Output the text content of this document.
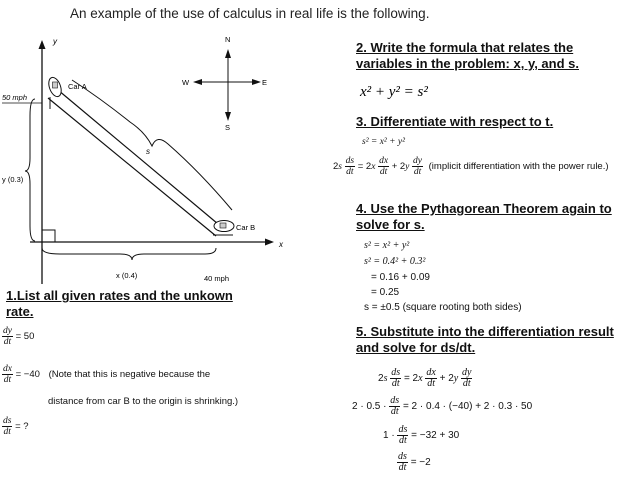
An example of the use of calculus in real life is the following.
y
x
s
y (0.3)
x (0.4)	40 mph
50 mph
Car A
Car B
N
S
W	E
1.List all given rates and the unkown rate.
$\frac{dy}{dt} = 50$
$\frac{dx}{dt} = -40$ (Note that this is negative because the
distance from car B to the origin is shrinking.)
$\frac{ds}{dt}$ = ?
2. Write the formula that relates the variables in the problem: x, y, and s.
x² + y² = s²
3. Differentiate with respect to t.
s² = x² + y²
$2s \frac{ds}{dt} = 2x \frac{dx}{dt} + 2y \frac{dy}{dt}$ (implicit differentiation with the power rule.)
4. Use the Pythagorean Theorem again to solve for s.
s² = x² + y²
s² = 0.4² + 0.3²
= 0.16 + 0.09
= 0.25
s = ±0.5 (square rooting both sides)
5. Substitute into the differentiation result and solve for ds/dt.
$2s \frac{ds}{dt} = 2x \frac{dx}{dt} + 2y \frac{dy}{dt}$
$2 \cdot 0.5 \cdot \frac{ds}{dt} = 2 \cdot 0.4 \cdot (-40) + 2 \cdot 0.3 \cdot 50$
$1 \cdot \frac{ds}{dt} = -32 + 30$
$\frac{ds}{dt} = -2$
